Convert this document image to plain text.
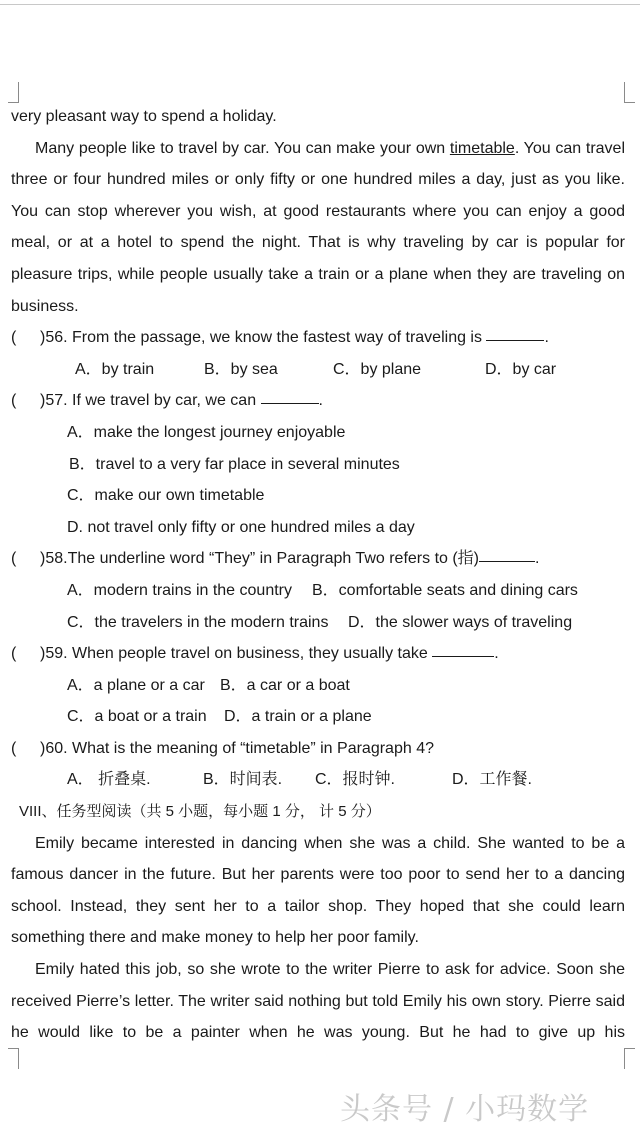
very pleasant way to spend a holiday.

Many people like to travel by car. You can make your own timetable. You can travel three or four hundred miles or only fifty or one hundred miles a day, just as you like. You can stop wherever you wish, at good restaurants where you can enjoy a good meal, or at a hotel to spend the night. That is why traveling by car is popular for pleasure trips, while people usually take a train or a plane when they are traveling on business.

(	)56. From the passage, we know the fastest way of traveling is
	.
A．by train	B．by sea	C．by plane	D．by car
(	)57. If we travel by car, we can
	.
A．make the longest journey enjoyable
B．travel to a very far place in several minutes
C．make our own timetable
D. not travel only fifty or one hundred miles a day
(	)58.The underline word “They” in Paragraph Two refers to (指)	.
A．modern trains in the country B．comfortable seats and dining cars
C．the travelers in the modern trains D．the slower ways of traveling
(	)59. When people travel on business, they usually take
	.
A．a plane or a car B．a car or a boat
C．a boat or a train D．a train or a plane
(	)60. What is the meaning of “timetable” in Paragraph 4?
A． 折叠桌.	B．时间表. C．报时钟.	D．工作餐.
VIII、任务型阅读（共 5 小题，每小题 1 分， 计 5 分）

Emily became interested in dancing when she was a child. She wanted to be a famous dancer in the future. But her parents were too poor to send her to a dancing school. Instead, they sent her to a tailor shop. They hoped that she could learn something there and make money to help her poor family.

Emily hated this job, so she wrote to the writer Pierre to ask for advice. Soon she received Pierre’s letter. The writer said nothing but told Emily his own story. Pierre said he would like to be a painter when he was young. But he had to give up his

头条号 / 小玛数学
